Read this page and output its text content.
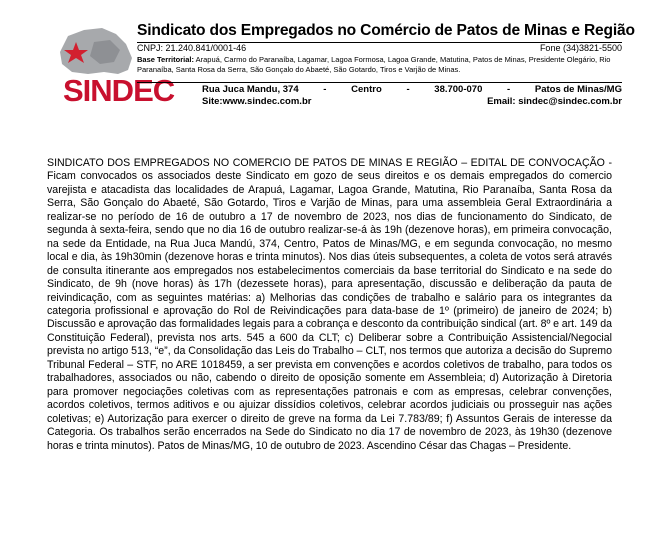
SINDEC
Sindicato dos Empregados no Comércio de Patos de Minas e Região
CNPJ: 21.240.841/0001-46	Fone (34)3821-5500
Base Territorial: Arapuá, Carmo do Paranaíba, Lagamar, Lagoa Formosa, Lagoa Grande, Matutina, Patos de Minas, Presidente Olegário, Rio Paranaíba, Santa Rosa da Serra, São Gonçalo do Abaeté, São Gotardo, Tiros e Varjão de Minas.
Rua Juca Mandu, 374	-	Centro	-	38.700-070	-	Patos de Minas/MG
Site:www.sindec.com.br	Email: sindec@sindec.com.br
SINDICATO DOS EMPREGADOS NO COMERCIO DE PATOS DE MINAS E REGIÃO – EDITAL DE CONVOCAÇÃO - Ficam convocados os associados deste Sindicato em gozo de seus direitos e os demais empregados do comercio varejista e atacadista das localidades de Arapuá, Lagamar, Lagoa Grande, Matutina, Rio Paranaíba, Santa Rosa da Serra, São Gonçalo do Abaeté, São Gotardo, Tiros e Varjão de Minas, para uma assembleia Geral Extraordinária a realizar-se no período de 16 de outubro a 17 de novembro de 2023, nos dias de funcionamento do Sindicato, de segunda à sexta-feira, sendo que no dia 16 de outubro realizar-se-á às 19h (dezenove horas), em primeira convocação, na sede da Entidade, na Rua Juca Mandú, 374, Centro, Patos de Minas/MG, e em segunda convocação, no mesmo local e dia, às 19h30min (dezenove horas e trinta minutos). Nos dias úteis subsequentes, a coleta de votos será através de consulta itinerante aos empregados nos estabelecimentos comerciais da base territorial do Sindicato e na sede do Sindicato, de 9h (nove horas) às 17h (dezessete horas), para apresentação, discussão e deliberação da pauta de reivindicação, com as seguintes matérias: a) Melhorias das condições de trabalho e salário para os integrantes da categoria profissional e aprovação do Rol de Reivindicações para data-base de 1º (primeiro) de janeiro de 2024; b) Discussão e aprovação das formalidades legais para a cobrança e desconto da contribuição sindical (art. 8º e art. 149 da Constituição Federal), prevista nos arts. 545 a 600 da CLT; c) Deliberar sobre a Contribuição Assistencial/Negocial prevista no artigo 513, “e”, da Consolidação das Leis do Trabalho – CLT, nos termos que autoriza a decisão do Supremo Tribunal Federal – STF, no ARE 1018459, a ser prevista em convenções e acordos coletivos de trabalho, para todos os trabalhadores, associados ou não, cabendo o direito de oposição somente em Assembleia; d) Autorização à Diretoria para promover negociações coletivas com as representações patronais e com as empresas, celebrar convenções, acordos coletivos, termos aditivos e ou ajuizar dissídios coletivos, celebrar acordos judiciais ou prosseguir nas ações coletivas; e) Autorização para exercer o direito de greve na forma da Lei 7.783/89; f) Assuntos Gerais de interesse da Categoria. Os trabalhos serão encerrados na Sede do Sindicato no dia 17 de novembro de 2023, às 19h30 (dezenove horas e trinta minutos). Patos de Minas/MG, 10 de outubro de 2023. Ascendino César das Chagas – Presidente.
